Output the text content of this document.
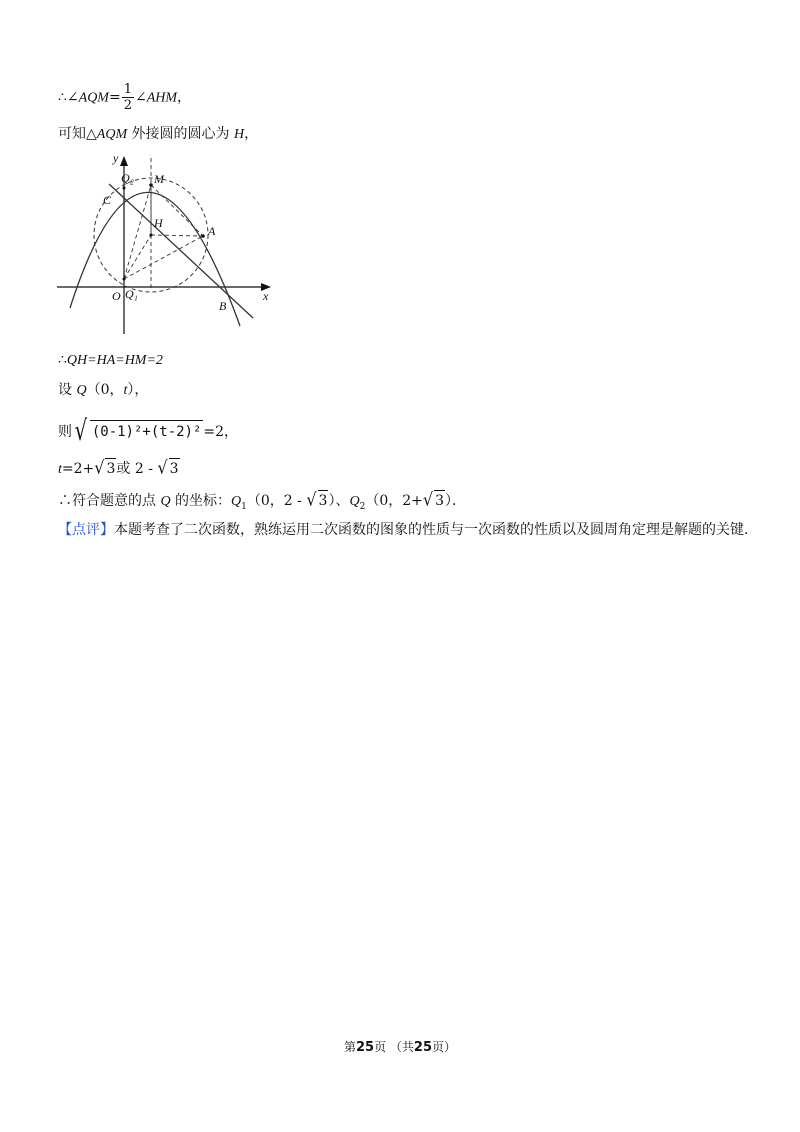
∴∠AQM= $\frac{1}{2}$ ∠AHM，
可知△AQM 外接圆的圆心为 H，
y
x
O Q₁
Q₂ M
C
H
A
B
∴QH=HA=HM=2
设 Q（0，t），
则√ (0-1)²+(t-2)² =2，
t=2+√ 3或 2 - √ 3
∴符合题意的点 Q 的坐标：$Q_1(0$，2 - √ 3）、$Q_2(0$，2+√ 3）．
【点评】本题考查了二次函数，熟练运用二次函数的图象的性质与一次函数的性质以及圆周角定理是解题的关键．
第25页 （共25页）
